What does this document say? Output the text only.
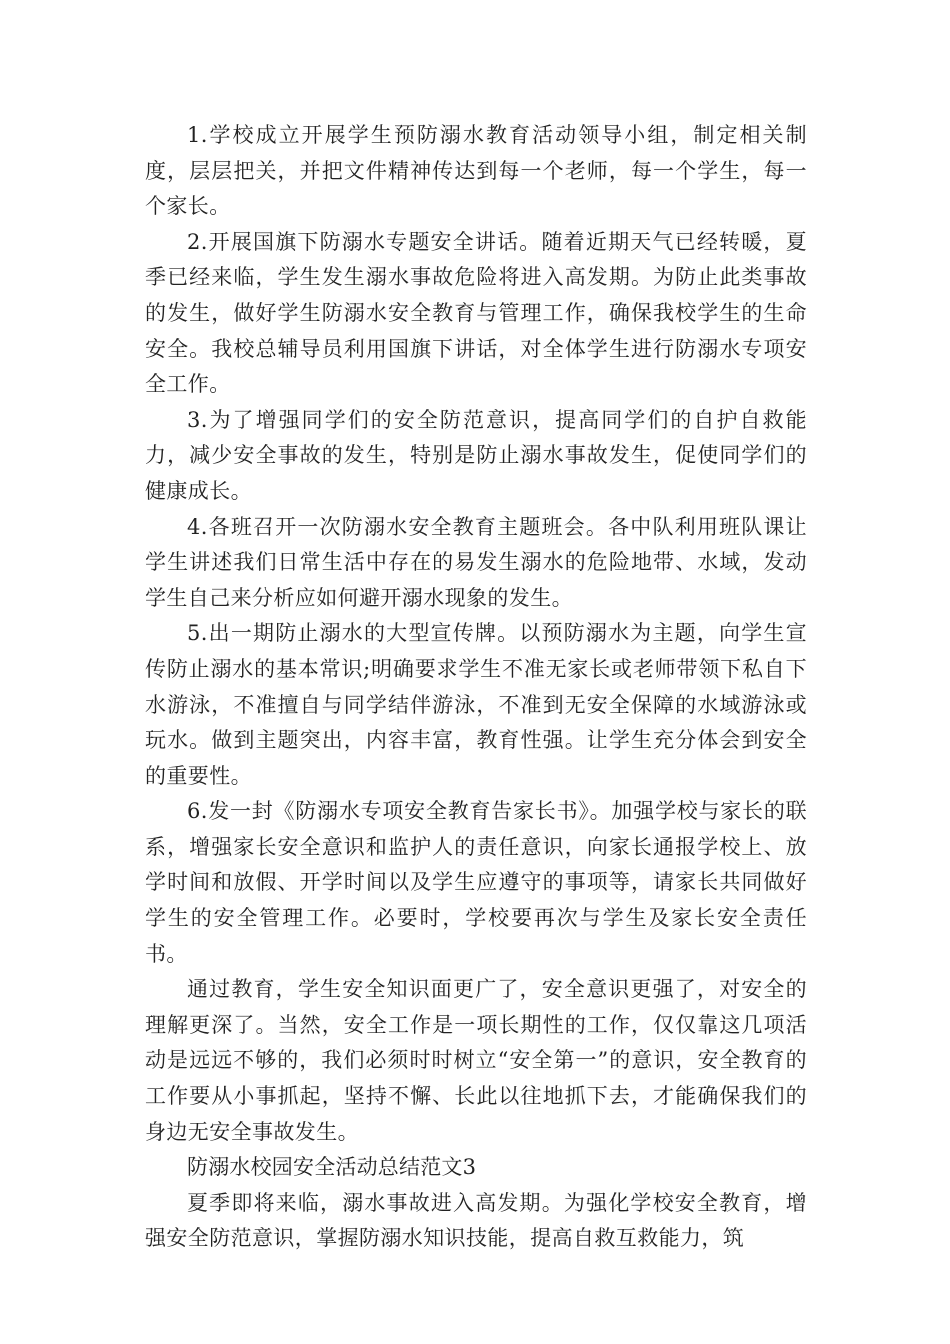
1.学校成立开展学生预防溺水教育活动领导小组，制定相关制度，层层把关，并把文件精神传达到每一个老师，每一个学生，每一个家长。

2.开展国旗下防溺水专题安全讲话。随着近期天气已经转暖，夏季已经来临，学生发生溺水事故危险将进入高发期。为防止此类事故的发生，做好学生防溺水安全教育与管理工作，确保我校学生的生命安全。我校总辅导员利用国旗下讲话，对全体学生进行防溺水专项安全工作。

3.为了增强同学们的安全防范意识，提高同学们的自护自救能力，减少安全事故的发生，特别是防止溺水事故发生，促使同学们的健康成长。

4.各班召开一次防溺水安全教育主题班会。各中队利用班队课让学生讲述我们日常生活中存在的易发生溺水的危险地带、水域，发动学生自己来分析应如何避开溺水现象的发生。

5.出一期防止溺水的大型宣传牌。以预防溺水为主题，向学生宣传防止溺水的基本常识;明确要求学生不准无家长或老师带领下私自下水游泳，不准擅自与同学结伴游泳，不准到无安全保障的水域游泳或玩水。做到主题突出，内容丰富，教育性强。让学生充分体会到安全的重要性。

6.发一封《防溺水专项安全教育告家长书》。加强学校与家长的联系，增强家长安全意识和监护人的责任意识，向家长通报学校上、放学时间和放假、开学时间以及学生应遵守的事项等，请家长共同做好学生的安全管理工作。必要时，学校要再次与学生及家长安全责任书。

通过教育，学生安全知识面更广了，安全意识更强了，对安全的理解更深了。当然，安全工作是一项长期性的工作，仅仅靠这几项活动是远远不够的，我们必须时时树立“安全第一”的意识，安全教育的工作要从小事抓起，坚持不懈、长此以往地抓下去，才能确保我们的身边无安全事故发生。

防溺水校园安全活动总结范文3

夏季即将来临，溺水事故进入高发期。为强化学校安全教育，增强安全防范意识，掌握防溺水知识技能，提高自救互救能力，筑
